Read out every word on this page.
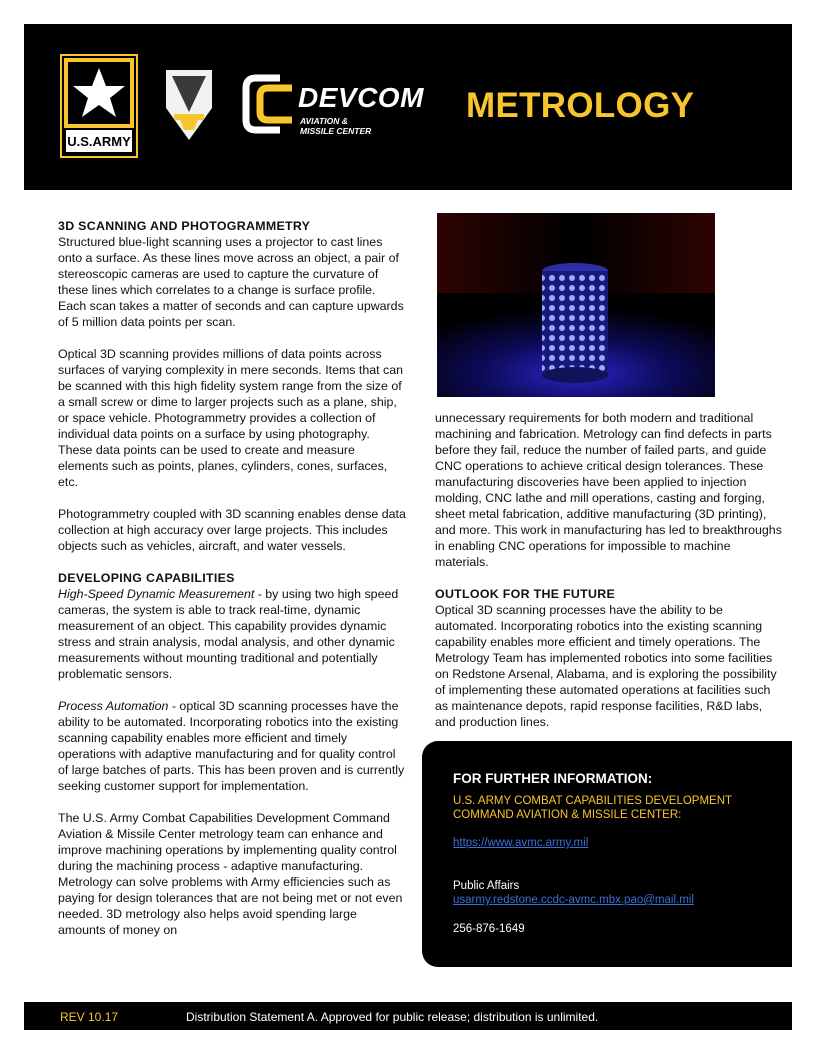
U.S.ARMY
DEVCOM
AVIATION &
MISSILE CENTER
METROLOGY
3D SCANNING AND PHOTOGRAMMETRY

Structured blue-light scanning uses a projector to cast lines onto a surface. As these lines move across an object, a pair of stereoscopic cameras are used to capture the curvature of these lines which correlates to a change is surface profile. Each scan takes a matter of seconds and can capture upwards of 5 million data points per scan.

Optical 3D scanning provides millions of data points across surfaces of varying complexity in mere seconds. Items that can be scanned with this high fidelity system range from the size of a small screw or dime to larger projects such as a plane, ship, or space vehicle. Photogrammetry provides a collection of individual data points on a surface by using photography. These data points can be used to create and measure elements such as points, planes, cylinders, cones, surfaces, etc.

Photogrammetry coupled with 3D scanning enables dense data collection at high accuracy over large projects. This includes objects such as vehicles, aircraft, and water vessels.

DEVELOPING CAPABILITIES

High-Speed Dynamic Measurement - by using two high speed cameras, the system is able to track real-time, dynamic measurement of an object. This capability provides dynamic stress and strain analysis, modal analysis, and other dynamic measurements without mounting traditional and potentially problematic sensors.

Process Automation - optical 3D scanning processes have the ability to be automated. Incorporating robotics into the existing scanning capability enables more efficient and timely operations with adaptive manufacturing and for quality control of large batches of parts. This has been proven and is currently seeking customer support for implementation.

The U.S. Army Combat Capabilities Development Command Aviation & Missile Center metrology team can enhance and improve machining operations by implementing quality control during the machining process - adaptive manufacturing. Metrology can solve problems with Army efficiencies such as paying for design tolerances that are not being met or not even needed. 3D metrology also helps avoid spending large amounts of money on

unnecessary requirements for both modern and traditional machining and fabrication. Metrology can find defects in parts before they fail, reduce the number of failed parts, and guide CNC operations to achieve critical design tolerances. These manufacturing discoveries have been applied to injection molding, CNC lathe and mill operations, casting and forging, sheet metal fabrication, additive manufacturing (3D printing), and more. This work in manufacturing has led to breakthroughs in enabling CNC operations for impossible to machine materials.

OUTLOOK FOR THE FUTURE

Optical 3D scanning processes have the ability to be automated. Incorporating robotics into the existing scanning capability enables more efficient and timely operations. The Metrology Team has implemented robotics into some facilities on Redstone Arsenal, Alabama, and is exploring the possibility of implementing these automated operations at facilities such as maintenance depots, rapid response facilities, R&D labs, and production lines.

FOR FURTHER INFORMATION:
U.S. ARMY COMBAT CAPABILITIES DEVELOPMENT COMMAND AVIATION & MISSILE CENTER:
https://www.avmc.army.mil
Public Affairs
usarmy.redstone.ccdc-avmc.mbx.pao@mail.mil
256-876-1649
REV 10.17	Distribution Statement A. Approved for public release; distribution is unlimited.
